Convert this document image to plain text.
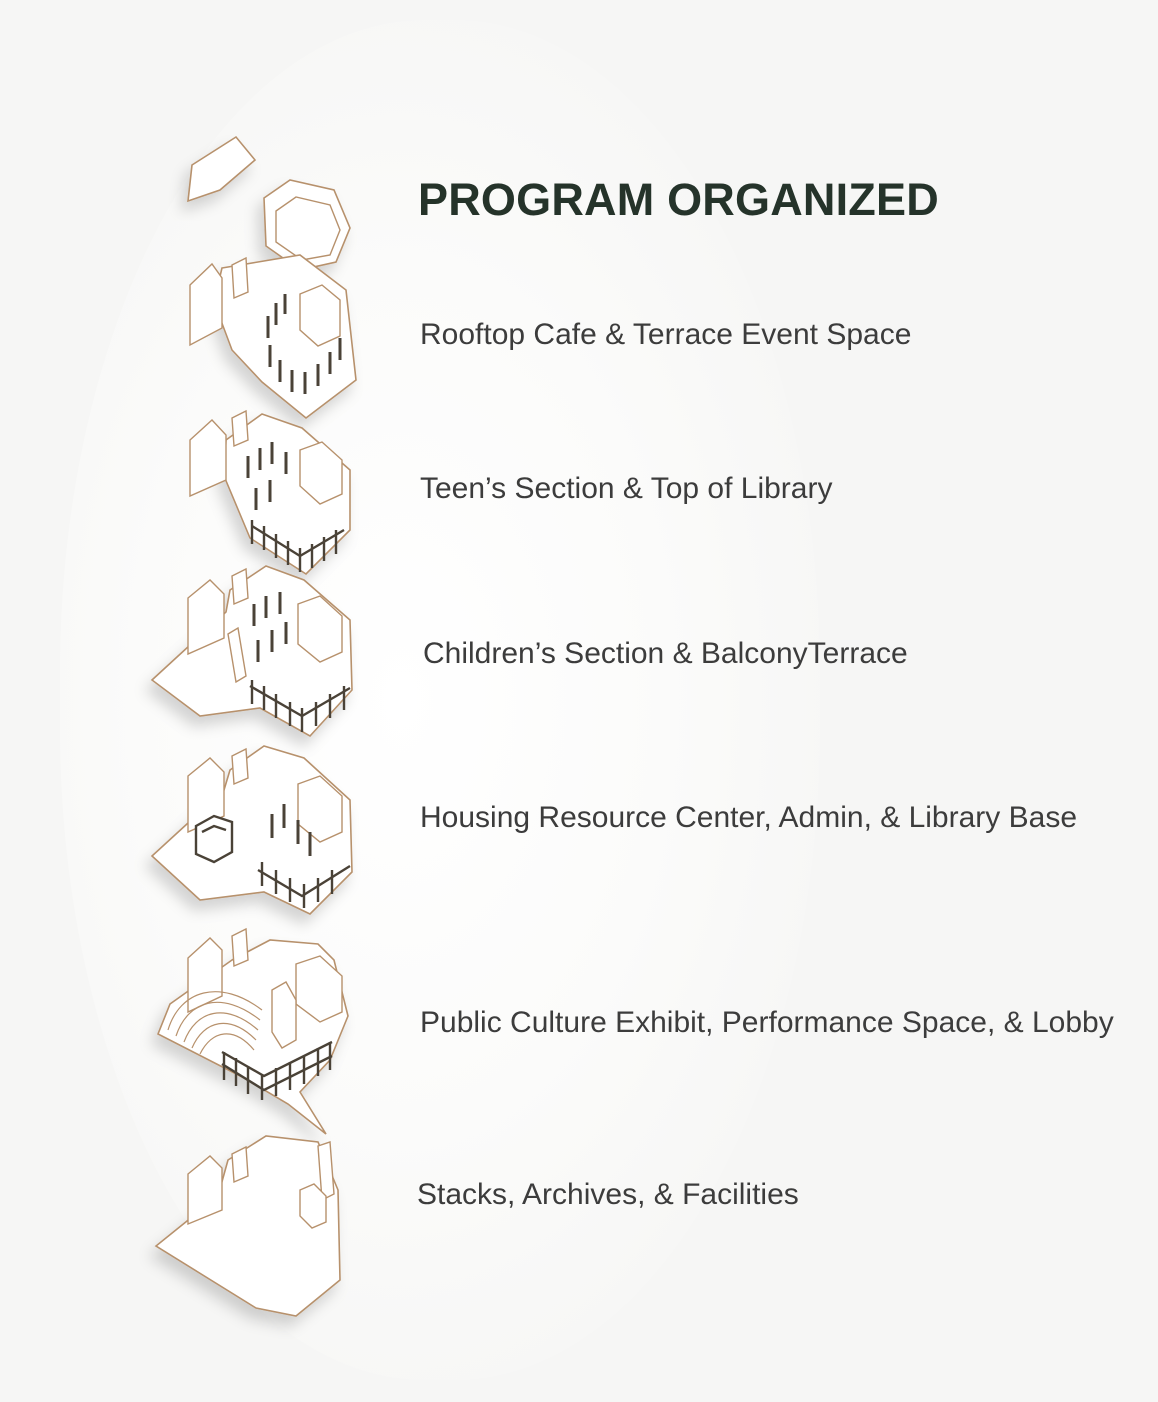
PROGRAM ORGANIZED

Rooftop Cafe & Terrace Event Space

Teen’s Section & Top of Library

Children’s Section & BalconyTerrace

Housing Resource Center, Admin, & Library Base

Public Culture Exhibit, Performance Space, & Lobby

Stacks, Archives, & Facilities
